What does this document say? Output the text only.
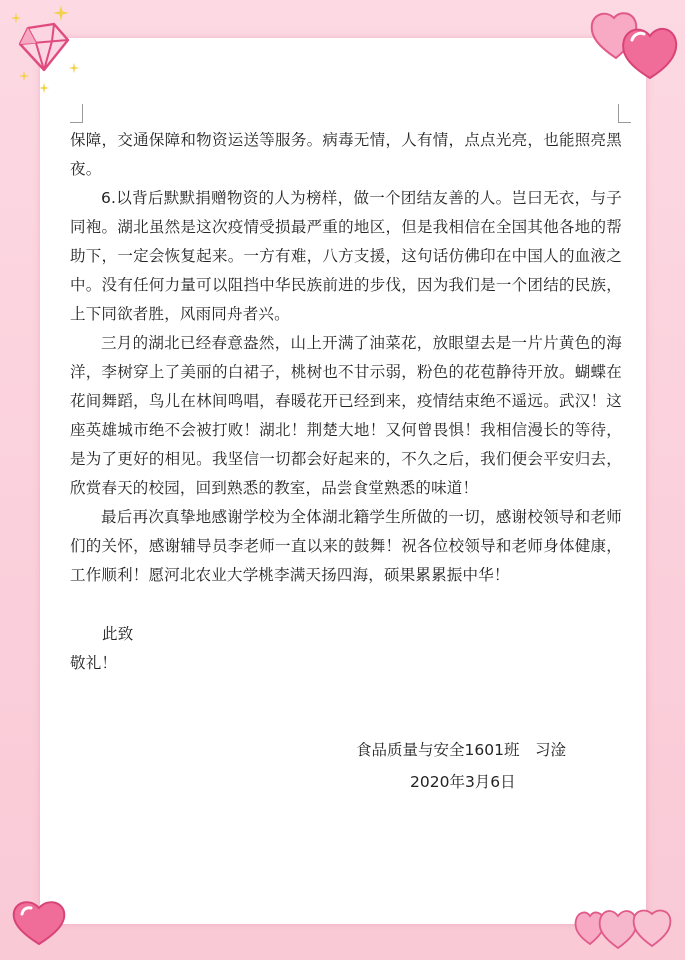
保障，交通保障和物资运送等服务。病毒无情，人有情，点点光亮，也能照亮黑夜。

6.以背后默默捐赠物资的人为榜样，做一个团结友善的人。岂曰无衣，与子同袍。湖北虽然是这次疫情受损最严重的地区，但是我相信在全国其他各地的帮助下，一定会恢复起来。一方有难，八方支援，这句话仿佛印在中国人的血液之中。没有任何力量可以阻挡中华民族前进的步伐，因为我们是一个团结的民族，上下同欲者胜，风雨同舟者兴。

三月的湖北已经春意盎然，山上开满了油菜花，放眼望去是一片片黄色的海洋，李树穿上了美丽的白裙子，桃树也不甘示弱，粉色的花苞静待开放。蝴蝶在花间舞蹈，鸟儿在林间鸣唱，春暖花开已经到来，疫情结束绝不遥远。武汉！这座英雄城市绝不会被打败！湖北！荆楚大地！又何曾畏惧！我相信漫长的等待，是为了更好的相见。我坚信一切都会好起来的，不久之后，我们便会平安归去，欣赏春天的校园，回到熟悉的教室，品尝食堂熟悉的味道！

最后再次真挚地感谢学校为全体湖北籍学生所做的一切，感谢校领导和老师们的关怀，感谢辅导员李老师一直以来的鼓舞！祝各位校领导和老师身体健康，工作顺利！愿河北农业大学桃李满天扬四海，硕果累累振中华！

此致

敬礼！

食品质量与安全1601班　习淦
2020年3月6日
